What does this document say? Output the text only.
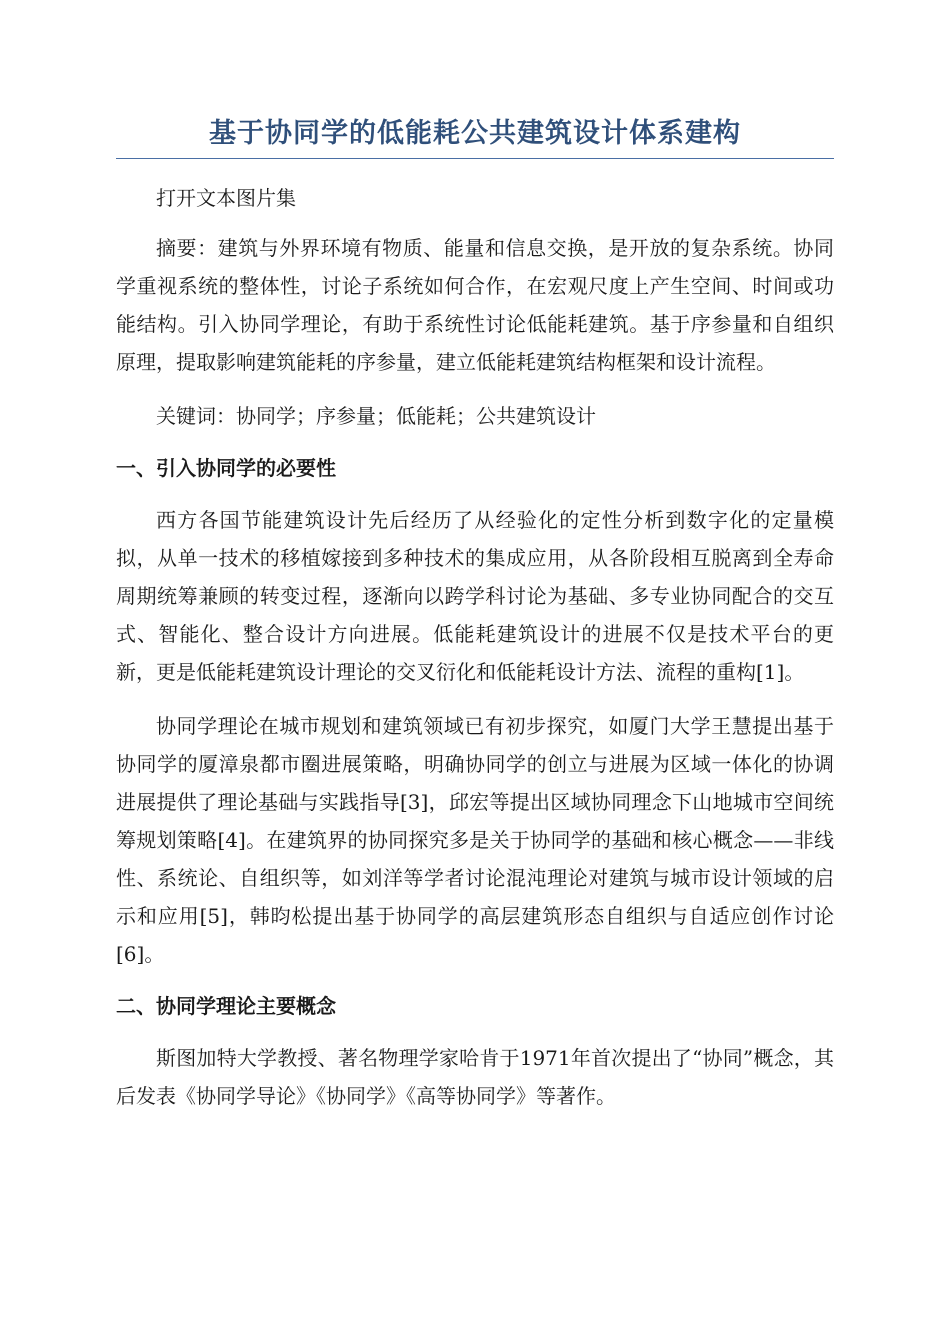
基于协同学的低能耗公共建筑设计体系建构

打开文本图片集

摘要：建筑与外界环境有物质、能量和信息交换，是开放的复杂系统。协同学重视系统的整体性，讨论子系统如何合作，在宏观尺度上产生空间、时间或功能结构。引入协同学理论，有助于系统性讨论低能耗建筑。基于序参量和自组织原理，提取影响建筑能耗的序参量，建立低能耗建筑结构框架和设计流程。

关键词：协同学；序参量；低能耗；公共建筑设计

一、引入协同学的必要性

西方各国节能建筑设计先后经历了从经验化的定性分析到数字化的定量模拟，从单一技术的移植嫁接到多种技术的集成应用，从各阶段相互脱离到全寿命周期统筹兼顾的转变过程，逐渐向以跨学科讨论为基础、多专业协同配合的交互式、智能化、整合设计方向进展。低能耗建筑设计的进展不仅是技术平台的更新，更是低能耗建筑设计理论的交叉衍化和低能耗设计方法、流程的重构[1]。

协同学理论在城市规划和建筑领域已有初步探究，如厦门大学王慧提出基于协同学的厦漳泉都市圈进展策略，明确协同学的创立与进展为区域一体化的协调进展提供了理论基础与实践指导[3]，邱宏等提出区域协同理念下山地城市空间统筹规划策略[4]。在建筑界的协同探究多是关于协同学的基础和核心概念——非线性、系统论、自组织等，如刘洋等学者讨论混沌理论对建筑与城市设计领域的启示和应用[5]，韩昀松提出基于协同学的高层建筑形态自组织与自适应创作讨论[6]。

二、协同学理论主要概念

斯图加特大学教授、著名物理学家哈肯于1971年首次提出了“协同”概念，其后发表《协同学导论》《协同学》《高等协同学》等著作。
